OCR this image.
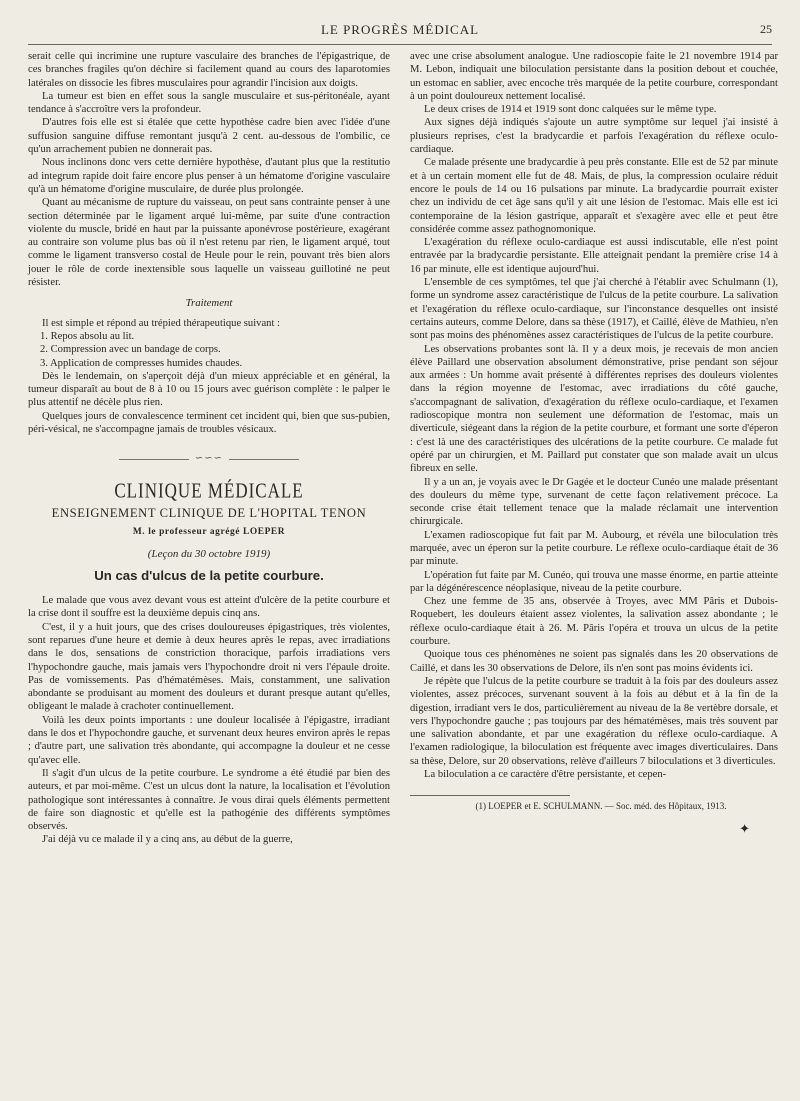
LE PROGRÈS MÉDICAL	25

serait celle qui incrimine une rupture vasculaire des branches de l'épigastrique, de ces branches fragiles qu'on déchire si facilement quand au cours des laparotomies latérales on dissocie les fibres musculaires pour agrandir l'incision aux doigts.

La tumeur est bien en effet sous la sangle musculaire et sus-péritonéale, ayant tendance à s'accroître vers la profondeur.

D'autres fois elle est si étalée que cette hypothèse cadre bien avec l'idée d'une suffusion sanguine diffuse remontant jusqu'à 2 cent. au-dessous de l'ombilic, ce qu'un arrachement pubien ne donnerait pas.

Nous inclinons donc vers cette dernière hypothèse, d'autant plus que la restitutio ad integrum rapide doit faire encore plus penser à un hématome d'origine vasculaire qu'à un hématome d'origine musculaire, de durée plus prolongée.

Quant au mécanisme de rupture du vaisseau, on peut sans contrainte penser à une section déterminée par le ligament arqué lui-même, par suite d'une contraction violente du muscle, bridé en haut par la puissante aponévrose postérieure, exagérant au contraire son volume plus bas où il n'est retenu par rien, le ligament arqué, tout comme le ligament transverso costal de Heule pour le rein, pouvant très bien alors jouer le rôle de corde inextensible sous laquelle un vaisseau guillotiné ne peut résister.

Traitement

Il est simple et répond au trépied thérapeutique suivant :

1. Repos absolu au lit.

2. Compression avec un bandage de corps.

3. Application de compresses humides chaudes.

Dès le lendemain, on s'aperçoit déjà d'un mieux appréciable et en général, la tumeur disparaît au bout de 8 à 10 ou 15 jours avec guérison complète : le palper le plus attentif ne décèle plus rien.

Quelques jours de convalescence terminent cet incident qui, bien que sus-pubien, péri-vésical, ne s'accompagne jamais de troubles vésicaux.

∽∽∽
CLINIQUE MÉDICALE
ENSEIGNEMENT CLINIQUE DE L'HOPITAL TENON
M. le professeur agrégé LOEPER
(Leçon du 30 octobre 1919)
Un cas d'ulcus de la petite courbure.

Le malade que vous avez devant vous est atteint d'ulcère de la petite courbure et la crise dont il souffre est la deuxième depuis cinq ans.

C'est, il y a huit jours, que des crises douloureuses épigastriques, très violentes, sont reparues d'une heure et demie à deux heures après le repas, avec irradiations dans le dos, sensations de constriction thoracique, parfois irradiations vers l'hypochondre gauche, mais jamais vers l'hypochondre droit ni vers l'épaule droite. Pas de vomissements. Pas d'hématémèses. Mais, constamment, une salivation abondante se produisant au moment des douleurs et durant presque autant qu'elles, obligeant le malade à crachoter continuellement.

Voilà les deux points importants : une douleur localisée à l'épigastre, irradiant dans le dos et l'hypochondre gauche, et survenant deux heures environ après le repas ; d'autre part, une salivation très abondante, qui accompagne la douleur et ne cesse qu'avec elle.

Il s'agit d'un ulcus de la petite courbure. Le syndrome a été étudié par bien des auteurs, et par moi-même. C'est un ulcus dont la nature, la localisation et l'évolution pathologique sont intéressantes à connaître. Je vous dirai quels éléments permettent de faire son diagnostic et qu'elle est la pathogénie des différents symptômes observés.

J'ai déjà vu ce malade il y a cinq ans, au début de la guerre,

avec une crise absolument analogue. Une radioscopie faite le 21 novembre 1914 par M. Lebon, indiquait une biloculation persistante dans la position debout et couchée, un estomac en sablier, avec encoche très marquée de la petite courbure, correspondant à un point douloureux nettement localisé.

Le deux crises de 1914 et 1919 sont donc calquées sur le même type.

Aux signes déjà indiqués s'ajoute un autre symptôme sur lequel j'ai insisté à plusieurs reprises, c'est la bradycardie et parfois l'exagération du réflexe oculo-cardiaque.

Ce malade présente une bradycardie à peu près constante. Elle est de 52 par minute et à un certain moment elle fut de 48. Mais, de plus, la compression oculaire réduit encore le pouls de 14 ou 16 pulsations par minute. La bradycardie pourrait exister chez un individu de cet âge sans qu'il y ait une lésion de l'estomac. Mais elle est ici contemporaine de la lésion gastrique, apparaît et s'exagère avec elle et peut être considérée comme assez pathognomonique.

L'exagération du réflexe oculo-cardiaque est aussi indiscutable, elle n'est point entravée par la bradycardie persistante. Elle atteignait pendant la première crise 14 à 16 par minute, elle est identique aujourd'hui.

L'ensemble de ces symptômes, tel que j'ai cherché à l'établir avec Schulmann (1), forme un syndrome assez caractéristique de l'ulcus de la petite courbure. La salivation et l'exagération du réflexe oculo-cardiaque, sur l'inconstance desquelles ont insisté certains auteurs, comme Delore, dans sa thèse (1917), et Caillé, élève de Mathieu, n'en sont pas moins des phénomènes assez caractéristiques de l'ulcus de la petite courbure.

Les observations probantes sont là. Il y a deux mois, je recevais de mon ancien élève Paillard une observation absolument démonstrative, prise pendant son séjour aux armées : Un homme avait présenté à différentes reprises des douleurs violentes dans la région moyenne de l'estomac, avec irradiations du côté gauche, s'accompagnant de salivation, d'exagération du réflexe oculo-cardiaque, et l'examen radioscopique montra non seulement une déformation de l'estomac, mais un diverticule, siégeant dans la région de la petite courbure, et formant une sorte d'éperon : c'est là une des caractéristiques des ulcérations de la petite courbure. Ce malade fut opéré par un chirurgien, et M. Paillard put constater que son malade avait un ulcus fibreux en selle.

Il y a un an, je voyais avec le Dr Gagée et le docteur Cunéo une malade présentant des douleurs du même type, survenant de cette façon relativement précoce. La seconde crise était tellement tenace que la malade réclamait une intervention chirurgicale.

L'examen radioscopique fut fait par M. Aubourg, et révéla une biloculation très marquée, avec un éperon sur la petite courbure. Le réflexe oculo-cardiaque était de 36 par minute.

L'opération fut faite par M. Cunéo, qui trouva une masse énorme, en partie atteinte par la dégénérescence néoplasique, niveau de la petite courbure.

Chez une femme de 35 ans, observée à Troyes, avec MM Pâris et Dubois-Roquebert, les douleurs étaient assez violentes, la salivation assez abondante ; le réflexe oculo-cardiaque était à 26. M. Pâris l'opéra et trouva un ulcus de la petite courbure.

Quoique tous ces phénomènes ne soient pas signalés dans les 20 observations de Caillé, et dans les 30 observations de Delore, ils n'en sont pas moins évidents ici.

Je répète que l'ulcus de la petite courbure se traduit à la fois par des douleurs assez violentes, assez précoces, survenant souvent à la fois au début et à la fin de la digestion, irradiant vers le dos, particulièrement au niveau de la 8e vertèbre dorsale, et vers l'hypochondre gauche ; pas toujours par des hématémèses, mais très souvent par une salivation abondante, et par une exagération du réflexe oculo-cardiaque. A l'examen radiologique, la biloculation est fréquente avec images diverticulaires. Dans sa thèse, Delore, sur 20 observations, relève d'ailleurs 7 biloculations et 3 diverticules.

La biloculation a ce caractère d'être persistante, et cepen-

(1) LOEPER et E. SCHULMANN. — Soc. méd. des Hôpitaux, 1913.

✦
